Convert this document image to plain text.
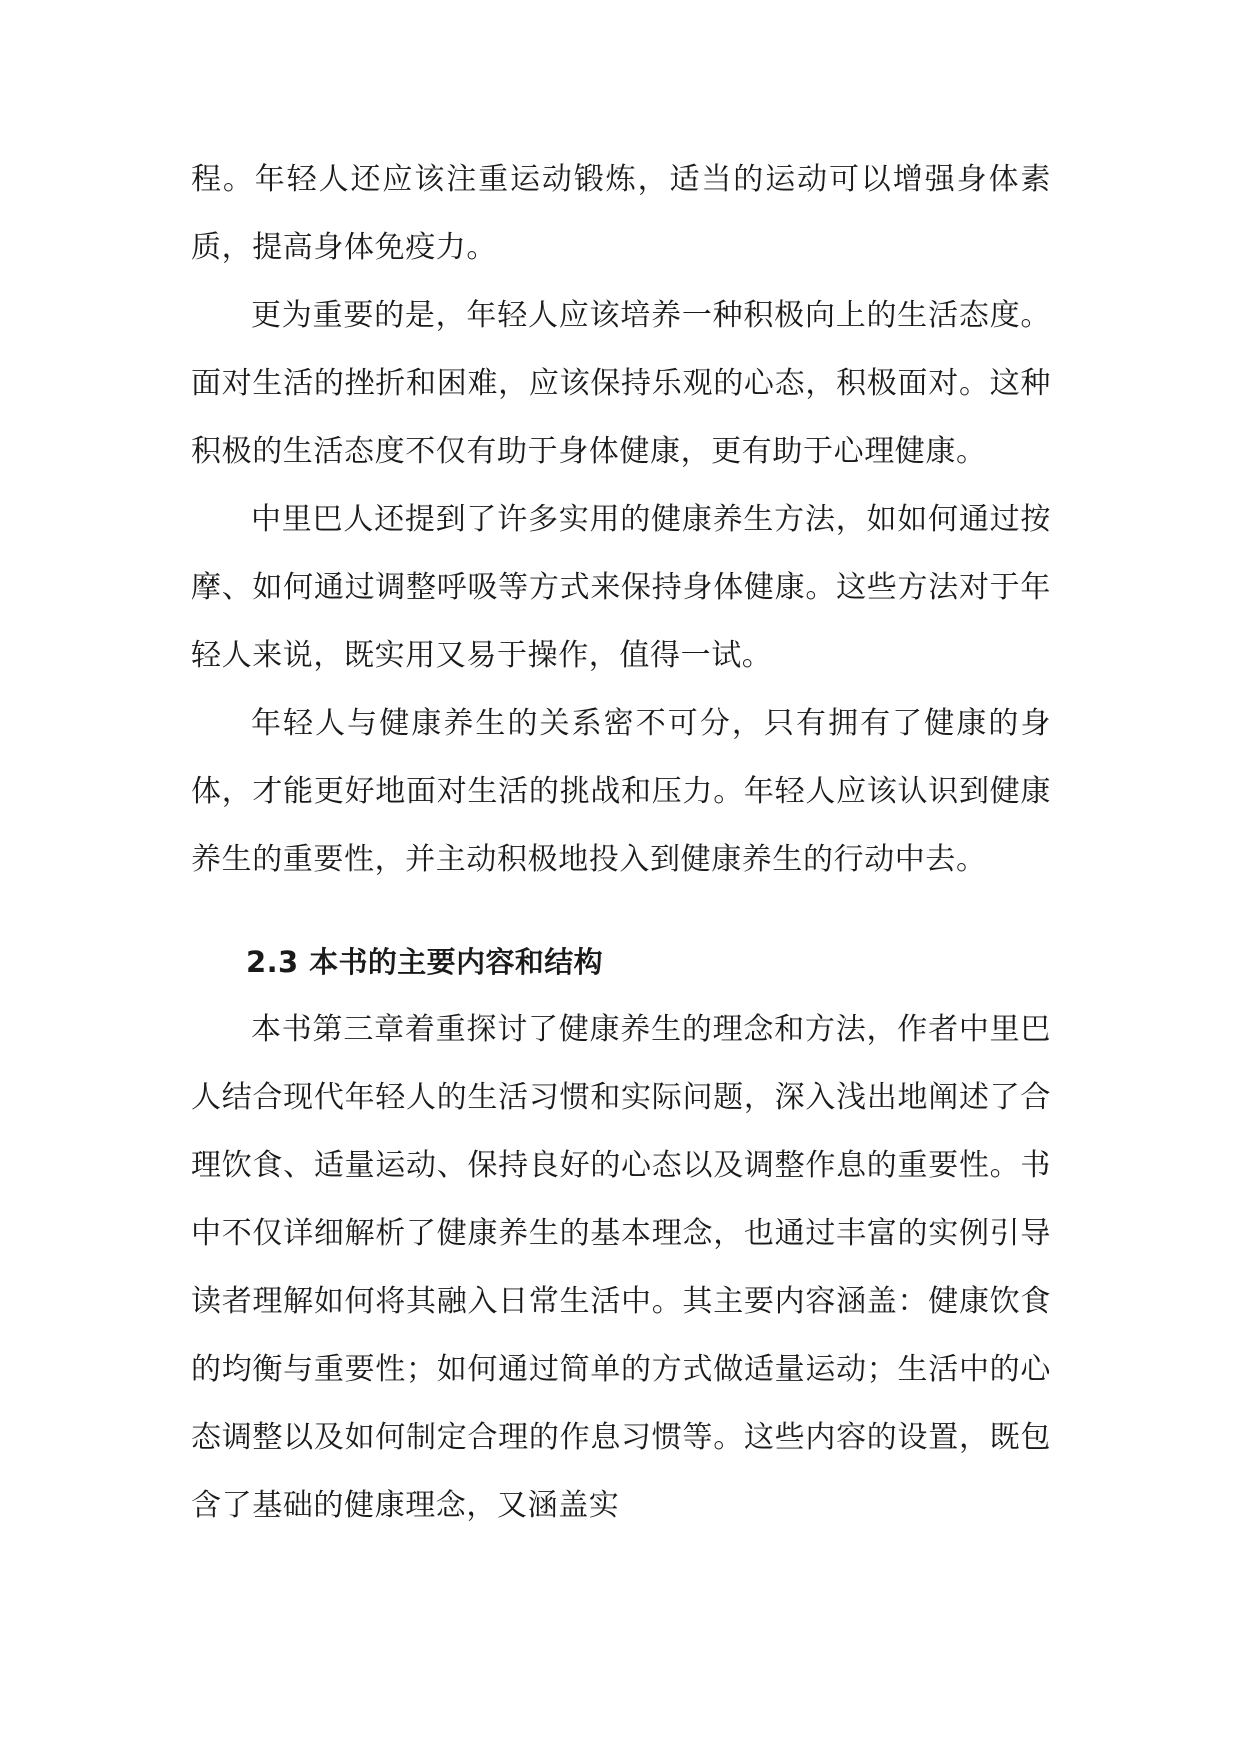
程。年轻人还应该注重运动锻炼，适当的运动可以增强身体素质，提高身体免疫力。

更为重要的是，年轻人应该培养一种积极向上的生活态度。面对生活的挫折和困难，应该保持乐观的心态，积极面对。这种积极的生活态度不仅有助于身体健康，更有助于心理健康。

中里巴人还提到了许多实用的健康养生方法，如如何通过按摩、如何通过调整呼吸等方式来保持身体健康。这些方法对于年轻人来说，既实用又易于操作，值得一试。

年轻人与健康养生的关系密不可分，只有拥有了健康的身体，才能更好地面对生活的挑战和压力。年轻人应该认识到健康养生的重要性，并主动积极地投入到健康养生的行动中去。

2.3 本书的主要内容和结构

本书第三章着重探讨了健康养生的理念和方法，作者中里巴人结合现代年轻人的生活习惯和实际问题，深入浅出地阐述了合理饮食、适量运动、保持良好的心态以及调整作息的重要性。书中不仅详细解析了健康养生的基本理念，也通过丰富的实例引导读者理解如何将其融入日常生活中。其主要内容涵盖：健康饮食的均衡与重要性；如何通过简单的方式做适量运动；生活中的心态调整以及如何制定合理的作息习惯等。这些内容的设置，既包含了基础的健康理念，又涵盖实
